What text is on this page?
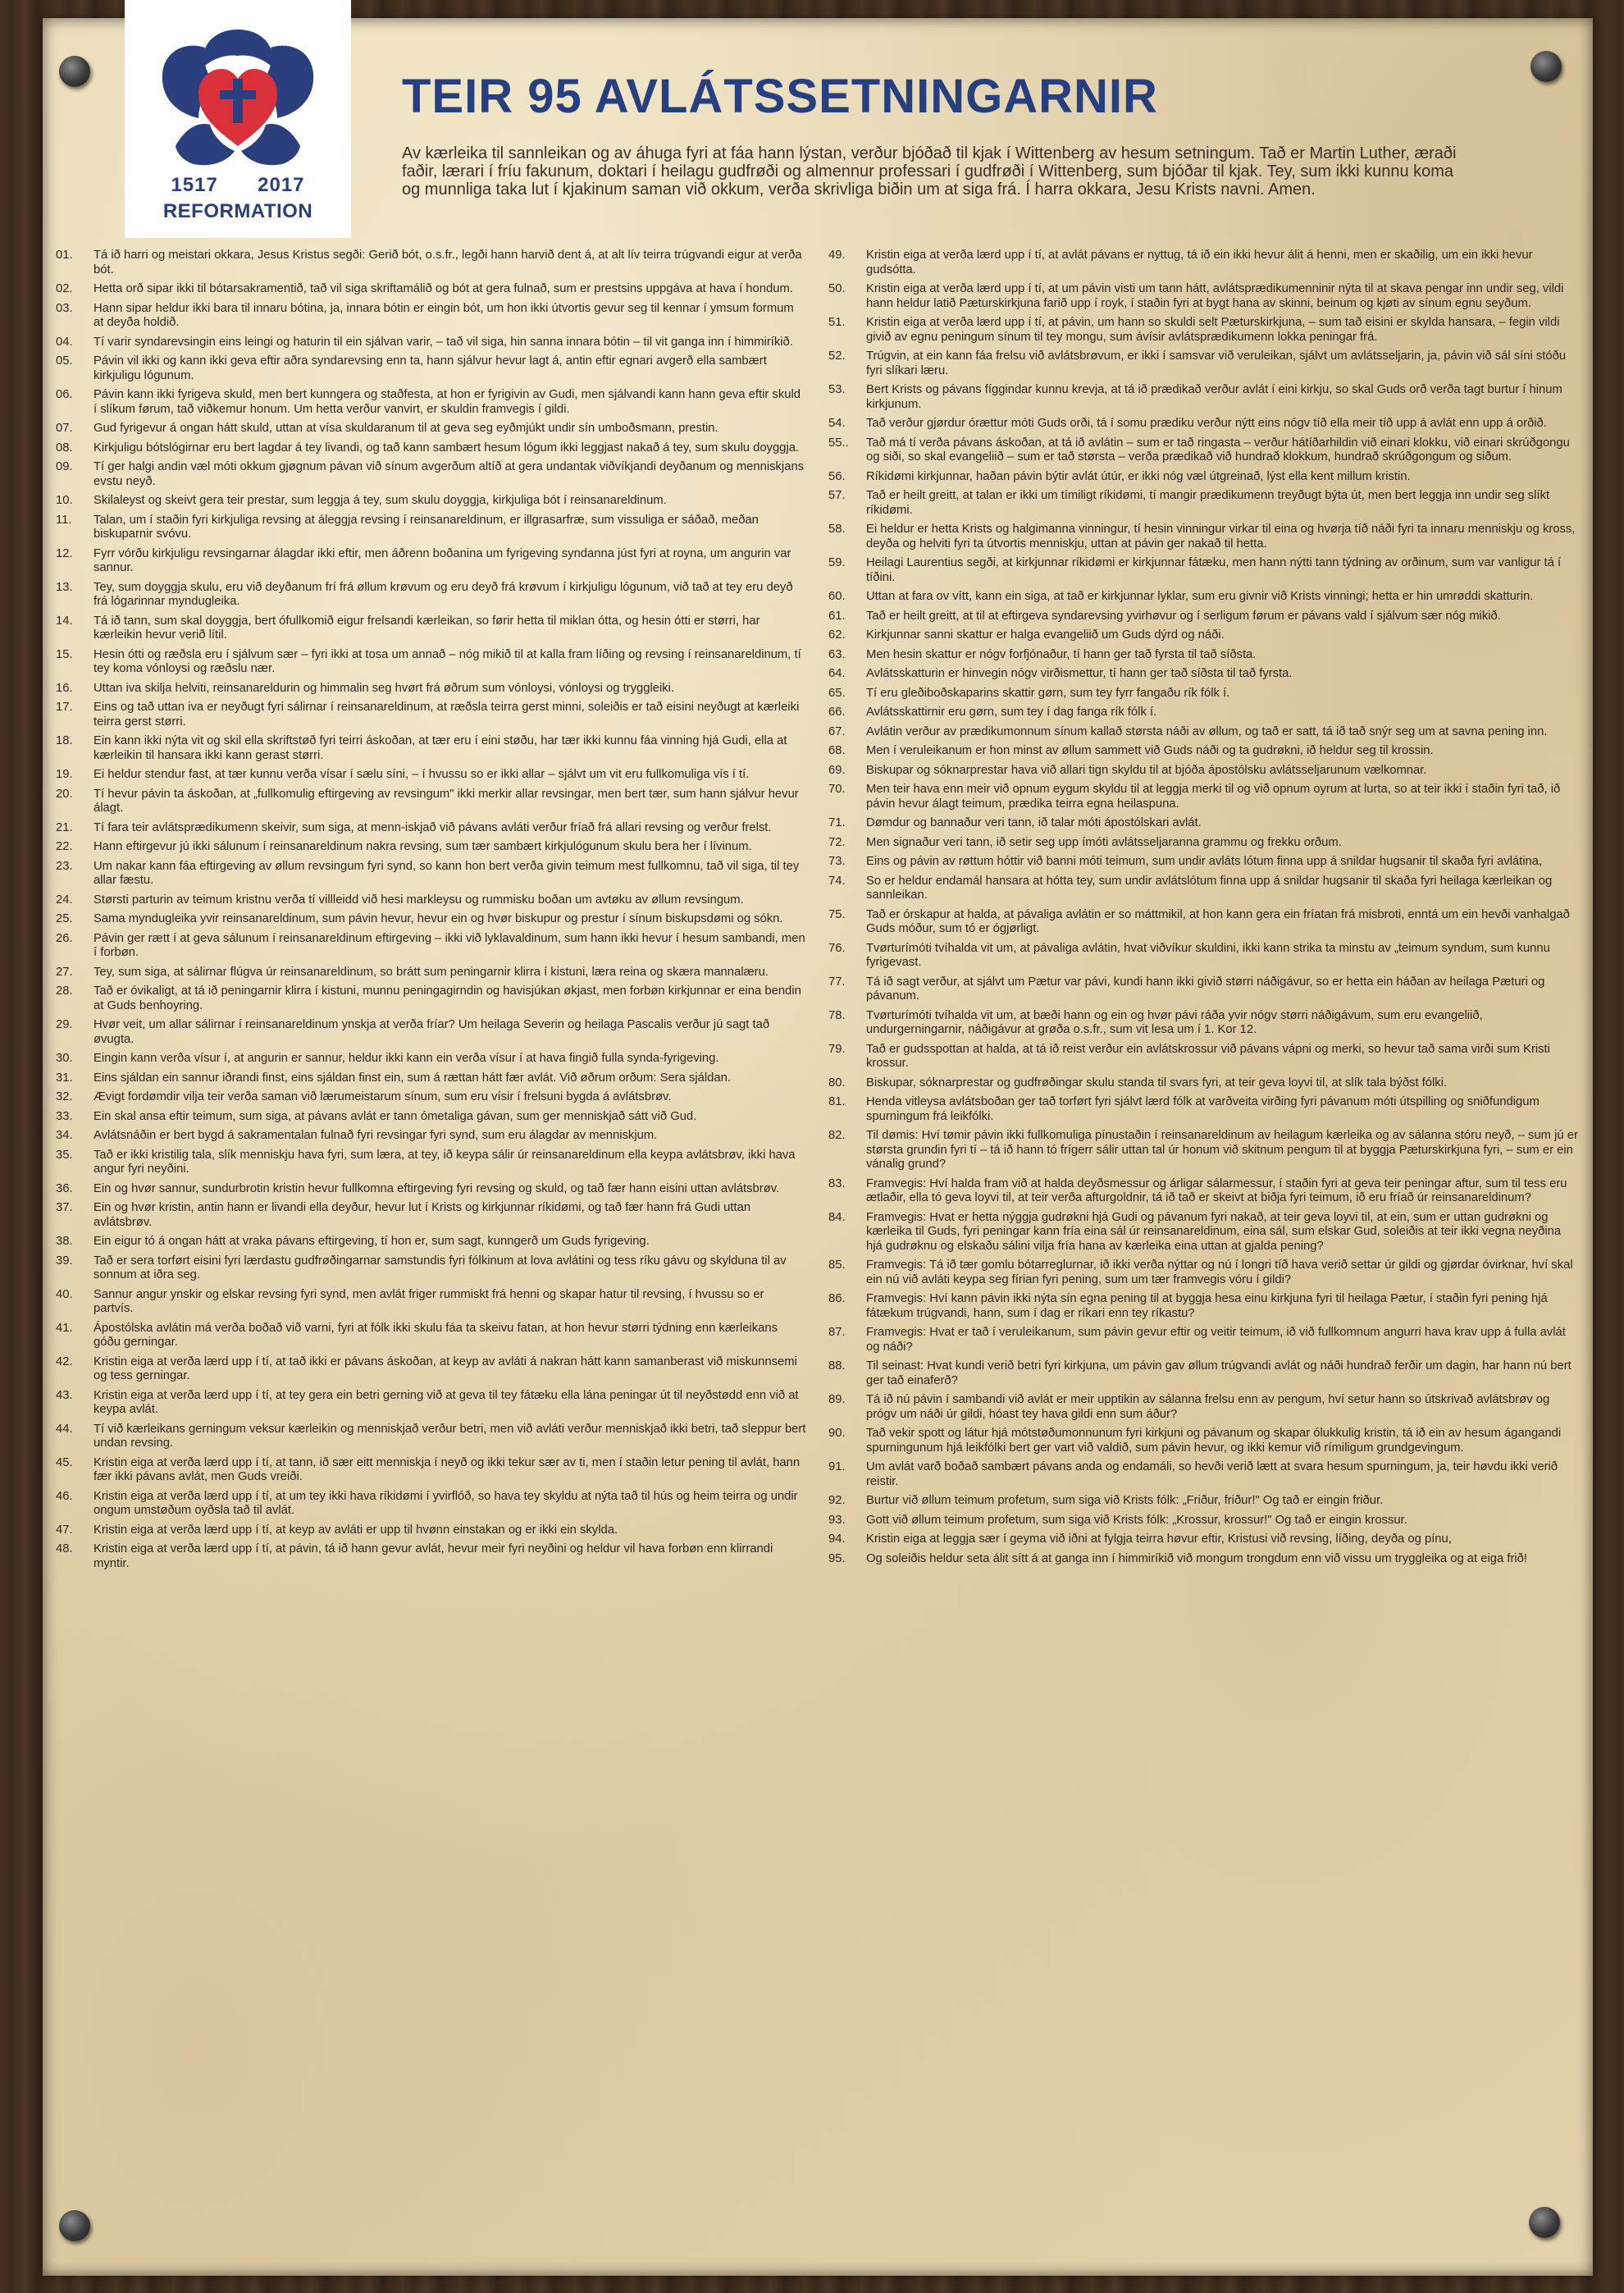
1517 2017
REFORMATION
TEIR 95 AVLÁTSSETNINGARNIR

Av kærleika til sannleikan og av áhuga fyri at fáa hann lýstan, verður bjóðað til kjak í Wittenberg av hesum setningum. Tað er Martin Luther, æraði faðir, lærari í fríu fakunum, doktari í heilagu gudfrøði og almennur professari í gudfrøði í Wittenberg, sum bjóðar til kjak. Tey, sum ikki kunnu koma og munnliga taka lut í kjakinum saman við okkum, verða skrivliga biðin um at siga frá. Í harra okkara, Jesu Krists navni. Amen.

01.	Tá ið harri og meistari okkara, Jesus Kristus segði: Gerið bót, o.s.fr., legði hann harvið dent á, at alt lív teirra trúgvandi eigur at verða bót.
02.	Hetta orð sipar ikki til bótarsakramentið, tað vil siga skriftamálið og bót at gera fulnað, sum er prestsins uppgáva at hava í hondum.
03.	Hann sipar heldur ikki bara til innaru bótina, ja, innara bótin er eingin bót, um hon ikki útvortis gevur seg til kennar í ymsum formum at deyða holdið.
04.	Tí varir syndarevsingin eins leingi og haturin til ein sjálvan varir, – tað vil siga, hin sanna innara bótin – til vit ganga inn í himmiríkið.
05.	Pávin vil ikki og kann ikki geva eftir aðra syndarevsing enn ta, hann sjálvur hevur lagt á, antin eftir egnari avgerð ella sambært kirkjuligu lógunum.
06.	Pávin kann ikki fyrigeva skuld, men bert kunngera og staðfesta, at hon er fyrigivin av Gudi, men sjálvandi kann hann geva eftir skuld í slíkum førum, tað viðkemur honum. Um hetta verður vanvirt, er skuldin framvegis í gildi.
07.	Gud fyrigevur á ongan hátt skuld, uttan at vísa skuldaranum til at geva seg eyðmjúkt undir sín umboðsmann, prestin.
08.	Kirkjuligu bótslógirnar eru bert lagdar á tey livandi, og tað kann sambært hesum lógum ikki leggjast nakað á tey, sum skulu doyggja.
09.	Tí ger halgi andin væl móti okkum gjøgnum pávan við sínum avgerðum altíð at gera undantak viðvíkjandi deyðanum og menniskjans evstu neyð.
10.	Skilaleyst og skeivt gera teir prestar, sum leggja á tey, sum skulu doyggja, kirkjuliga bót í reinsanareldinum.
11.	Talan, um í staðin fyri kirkjuliga revsing at áleggja revsing í reinsanareldinum, er illgrasarfræ, sum vissuliga er sáðað, meðan biskuparnir svóvu.
12.	Fyrr vórðu kirkjuligu revsingarnar álagdar ikki eftir, men áðrenn boðanina um fyrigeving syndanna júst fyri at royna, um angurin var sannur.
13.	Tey, sum doyggja skulu, eru við deyðanum frí frá øllum krøvum og eru deyð frá krøvum í kirkjuligu lógunum, við tað at tey eru deyð frá lógarinnar myndugleika.
14.	Tá ið tann, sum skal doyggja, bert ófullkomið eigur frelsandi kærleikan, so førir hetta til miklan ótta, og hesin ótti er størri, har kærleikin hevur verið lítil.
15.	Hesin ótti og ræðsla eru í sjálvum sær – fyri ikki at tosa um annað – nóg mikið til at kalla fram líðing og revsing í reinsanareldinum, tí tey koma vónloysi og ræðslu nær.
16.	Uttan iva skilja helviti, reinsanareldurin og himmalin seg hvørt frá øðrum sum vónloysi, vónloysi og tryggleiki.
17.	Eins og tað uttan iva er neyðugt fyri sálirnar í reinsanareldinum, at ræðsla teirra gerst minni, soleiðis er tað eisini neyðugt at kærleiki teirra gerst størri.
18.	Ein kann ikki nýta vit og skil ella skriftstøð fyri teirri áskoðan, at tær eru í eini støðu, har tær ikki kunnu fáa vinning hjá Gudi, ella at kærleikin til hansara ikki kann gerast størri.
19.	Ei heldur stendur fast, at tær kunnu verða vísar í sælu síni, – í hvussu so er ikki allar – sjálvt um vit eru fullkomuliga vís í tí.
20.	Tí hevur pávin ta áskoðan, at „fullkomulig eftirgeving av revsingum" ikki merkir allar revsingar, men bert tær, sum hann sjálvur hevur álagt.
21.	Tí fara teir avlátsprædikumenn skeivir, sum siga, at menn-iskjað við pávans avláti verður fríað frá allari revsing og verður frelst.
22.	Hann eftirgevur jú ikki sálunum í reinsanareldinum nakra revsing, sum tær sambært kirkjulógunum skulu bera her í lívinum.
23.	Um nakar kann fáa eftirgeving av øllum revsingum fyri synd, so kann hon bert verða givin teimum mest fullkomnu, tað vil siga, til tey allar fæstu.
24.	Størsti parturin av teimum kristnu verða tí villleidd við hesi markleysu og rummisku boðan um avtøku av øllum revsingum.
25.	Sama myndugleika yvir reinsanareldinum, sum pávin hevur, hevur ein og hvør biskupur og prestur í sínum biskupsdømi og sókn.
26.	Pávin ger rætt í at geva sálunum í reinsanareldinum eftirgeving – ikki við lyklavaldinum, sum hann ikki hevur í hesum sambandi, men í forbøn.
27.	Tey, sum siga, at sálirnar flúgva úr reinsanareldinum, so brátt sum peningarnir klirra í kistuni, læra reina og skæra mannalæru.
28.	Tað er óvikaligt, at tá ið peningarnir klirra í kistuni, munnu peningagirndin og havisjúkan økjast, men forbøn kirkjunnar er eina bendin at Guds benhoyring.
29.	Hvør veit, um allar sálirnar í reinsanareldinum ynskja at verða fríar? Um heilaga Severin og heilaga Pascalis verður jú sagt tað øvugta.
30.	Eingin kann verða vísur í, at angurin er sannur, heldur ikki kann ein verða vísur í at hava fingið fulla synda-fyrigeving.
31.	Eins sjáldan ein sannur iðrandi finst, eins sjáldan finst ein, sum á rættan hátt fær avlát. Við øðrum orðum: Sera sjáldan.
32.	Ævigt fordømdir vilja teir verða saman við lærumeistarum sínum, sum eru vísir í frelsuni bygda á avlátsbrøv.
33.	Ein skal ansa eftir teimum, sum siga, at pávans avlát er tann ómetaliga gávan, sum ger menniskjað sátt við Gud.
34.	Avlátsnáðin er bert bygd á sakramentalan fulnað fyri revsingar fyri synd, sum eru álagdar av menniskjum.
35.	Tað er ikki kristilig tala, slík menniskju hava fyri, sum læra, at tey, ið keypa sálir úr reinsanareldinum ella keypa avlátsbrøv, ikki hava angur fyri neyðini.
36.	Ein og hvør sannur, sundurbrotin kristin hevur fullkomna eftirgeving fyri revsing og skuld, og tað fær hann eisini uttan avlátsbrøv.
37.	Ein og hvør kristin, antin hann er livandi ella deyður, hevur lut í Krists og kirkjunnar ríkidømi, og tað fær hann frá Gudi uttan avlátsbrøv.
38.	Ein eigur tó á ongan hátt at vraka pávans eftirgeving, tí hon er, sum sagt, kunngerð um Guds fyrigeving.
39.	Tað er sera torført eisini fyri lærdastu gudfrøðingarnar samstundis fyri fólkinum at lova avlátini og tess ríku gávu og skylduna til av sonnum at iðra seg.
40.	Sannur angur ynskir og elskar revsing fyri synd, men avlát friger rummiskt frá henni og skapar hatur til revsing, í hvussu so er partvís.
41.	Ápostólska avlátin má verða boðað við varni, fyri at fólk ikki skulu fáa ta skeivu fatan, at hon hevur størri týdning enn kærleikans góðu gerningar.
42.	Kristin eiga at verða lærd upp í tí, at tað ikki er pávans áskoðan, at keyp av avláti á nakran hátt kann samanberast við miskunnsemi og tess gerningar.
43.	Kristin eiga at verða lærd upp í tí, at tey gera ein betri gerning við at geva til tey fátæku ella lána peningar út til neyðstødd enn við at keypa avlát.
44.	Tí við kærleikans gerningum veksur kærleikin og menniskjað verður betri, men við avláti verður menniskjað ikki betri, tað sleppur bert undan revsing.
45.	Kristin eiga at verða lærd upp í tí, at tann, ið sær eitt menniskja í neyð og ikki tekur sær av ti, men í staðin letur pening til avlát, hann fær ikki pávans avlát, men Guds vreiði.
46.	Kristin eiga at verða lærd upp í tí, at um tey ikki hava ríkidømi í yvirflóð, so hava tey skyldu at nýta tað til hús og heim teirra og undir ongum umstøðum oyðsla tað til avlát.
47.	Kristin eiga at verða lærd upp í tí, at keyp av avláti er upp til hvønn einstakan og er ikki ein skylda.
48.	Kristin eiga at verða lærd upp í tí, at pávin, tá ið hann gevur avlát, hevur meir fyri neyðini og heldur vil hava forbøn enn klirrandi myntir.
49.	Kristin eiga at verða lærd upp í tí, at avlát pávans er nyttug, tá ið ein ikki hevur álit á henni, men er skaðilig, um ein ikki hevur gudsótta.
50.	Kristin eiga at verða lærd upp í tí, at um pávin visti um tann hátt, avlátsprædikumenninir nýta til at skava pengar inn undir seg, vildi hann heldur latið Pæturskirkjuna farið upp í royk, í staðin fyri at bygt hana av skinni, beinum og kjøti av sínum egnu seyðum.
51.	Kristin eiga at verða lærd upp í tí, at pávin, um hann so skuldi selt Pæturskirkjuna, – sum tað eisini er skylda hansara, – fegin vildi givið av egnu peningum sínum til tey mongu, sum ávísir avlátsprædikumenn lokka peningar frá.
52.	Trúgvin, at ein kann fáa frelsu við avlátsbrøvum, er ikki í samsvar við veruleikan, sjálvt um avlátsseljarin, ja, pávin við sál síni stóðu fyri slíkari læru.
53.	Bert Krists og pávans fíggindar kunnu krevja, at tá ið prædikað verður avlát í eini kirkju, so skal Guds orð verða tagt burtur í hinum kirkjunum.
54.	Tað verður gjørdur órættur móti Guds orði, tá í somu prædiku verður nýtt eins nógv tíð ella meir tíð upp á avlát enn upp á orðið.
55..	Tað má tí verða pávans áskoðan, at tá ið avlátin – sum er tað ringasta – verður hátíðarhildin við einari klokku, við einari skrúðgongu og siði, so skal evangeliið – sum er tað størsta – verða prædikað við hundrað klokkum, hundrað skrúðgongum og siðum.
56.	Ríkidømi kirkjunnar, haðan pávin býtir avlát útúr, er ikki nóg væl útgreinað, lýst ella kent millum kristin.
57.	Tað er heilt greitt, at talan er ikki um tímiligt ríkidømi, tí mangir prædikumenn treyðugt býta út, men bert leggja inn undir seg slíkt ríkidømi.
58.	Ei heldur er hetta Krists og halgimanna vinningur, tí hesin vinningur virkar til eina og hvørja tíð náði fyri ta innaru menniskju og kross, deyða og helviti fyri ta útvortis menniskju, uttan at pávin ger nakað til hetta.
59.	Heilagi Laurentius segði, at kirkjunnar ríkidømi er kirkjunnar fátæku, men hann nýtti tann týdning av orðinum, sum var vanligur tá í tíðini.
60.	Uttan at fara ov vítt, kann ein siga, at tað er kirkjunnar lyklar, sum eru givnir við Krists vinningi; hetta er hin umrøddi skatturin.
61.	Tað er heilt greitt, at til at eftirgeva syndarevsing yvirhøvur og í serligum førum er pávans vald í sjálvum sær nóg mikið.
62.	Kirkjunnar sanni skattur er halga evangeliið um Guds dýrd og náði.
63.	Men hesin skattur er nógv forfjónaður, tí hann ger tað fyrsta til tað síðsta.
64.	Avlátsskatturin er hinvegin nógv virðismettur, tí hann ger tað síðsta til tað fyrsta.
65.	Tí eru gleðiboðskaparins skattir gørn, sum tey fyrr fangaðu rík fólk í.
66.	Avlátsskattirnir eru gørn, sum tey í dag fanga rík fólk í.
67.	Avlátin verður av prædikumonnum sínum kallað størsta náði av øllum, og tað er satt, tá ið tað snýr seg um at savna pening inn.
68.	Men í veruleikanum er hon minst av øllum sammett við Guds náði og ta gudrøkni, ið heldur seg til krossin.
69.	Biskupar og sóknarprestar hava við allari tign skyldu til at bjóða ápostólsku avlátsseljarunum vælkomnar.
70.	Men teir hava enn meir við opnum eygum skyldu til at leggja merki til og við opnum oyrum at lurta, so at teir ikki í staðin fyri tað, ið pávin hevur álagt teimum, prædika teirra egna heilaspuna.
71.	Dømdur og bannaður veri tann, ið talar móti ápostólskari avlát.
72.	Men signaður veri tann, ið setir seg upp ímóti avlátsseljaranna grammu og frekku orðum.
73.	Eins og pávin av røttum hóttir við banni móti teimum, sum undir avláts lótum finna upp á snildar hugsanir til skaða fyri avlátina,
74.	So er heldur endamál hansara at hótta tey, sum undir avlátslótum finna upp á snildar hugsanir til skaða fyri heilaga kærleikan og sannleikan.
75.	Tað er órskapur at halda, at pávaliga avlátin er so máttmikil, at hon kann gera ein fríatan frá misbroti, enntá um ein hevði vanhalgað Guds móður, sum tó er ógjørligt.
76.	Tvørturímóti tvíhalda vit um, at pávaliga avlátin, hvat viðvíkur skuldini, ikki kann strika ta minstu av „teimum syndum, sum kunnu fyrigevast.
77.	Tá ið sagt verður, at sjálvt um Pætur var pávi, kundi hann ikki givið størri náðigávur, so er hetta ein háðan av heilaga Pæturi og pávanum.
78.	Tvørturímóti tvíhalda vit um, at bæði hann og ein og hvør pávi ráða yvir nógv størri náðigávum, sum eru evangeliið, undurgerningarnir, náðigávur at grøða o.s.fr., sum vit lesa um í 1. Kor 12.
79.	Tað er gudsspottan at halda, at tá ið reist verður ein avlátskrossur við pávans vápni og merki, so hevur tað sama virði sum Kristi krossur.
80.	Biskupar, sóknarprestar og gudfrøðingar skulu standa til svars fyri, at teir geva loyvi til, at slík tala býðst fólki.
81.	Henda vitleysa avlátsboðan ger tað torført fyri sjálvt lærd fólk at varðveita virðing fyri pávanum móti útspilling og sniðfundigum spurningum frá leikfólki.
82.	Til dømis: Hví tømir pávin ikki fullkomuliga pínustaðin í reinsanareldinum av heilagum kærleika og av sálanna stóru neyð, – sum jú er størsta grundin fyri tí – tá ið hann tó frígerr sálir uttan tal úr honum við skitnum pengum til at byggja Pæturskirkjuna fyri, – sum er ein vánalig grund?
83.	Framvegis: Hví halda fram við at halda deyðsmessur og árligar sálarmessur, í staðin fyri at geva teir peningar aftur, sum til tess eru ætlaðir, ella tó geva loyvi til, at teir verða afturgoldnir, tá ið tað er skeivt at biðja fyri teimum, ið eru fríað úr reinsanareldinum?
84.	Framvegis: Hvat er hetta nýggja gudrøkni hjá Gudi og pávanum fyri nakað, at teir geva loyvi til, at ein, sum er uttan gudrøkni og kærleika til Guds, fyri peningar kann fría eina sál úr reinsanareldinum, eina sál, sum elskar Gud, soleiðis at teir ikki vegna neyðina hjá gudrøknu og elskaðu sálini vilja fría hana av kærleika eina uttan at gjalda pening?
85.	Framvegis: Tá ið tær gomlu bótarreglurnar, ið ikki verða nýttar og nú í longri tíð hava verið settar úr gildi og gjørdar óvirknar, hví skal ein nú við avláti keypa seg fírian fyri pening, sum um tær framvegis vóru í gildi?
86.	Framvegis: Hví kann pávin ikki nýta sín egna pening til at byggja hesa einu kirkjuna fyri til heilaga Pætur, í staðin fyri pening hjá fátækum trúgvandi, hann, sum í dag er ríkari enn tey ríkastu?
87.	Framvegis: Hvat er tað í veruleikanum, sum pávin gevur eftir og veitir teimum, ið við fullkomnum angurri hava krav upp á fulla avlát og náði?
88.	Til seinast: Hvat kundi verið betri fyri kirkjuna, um pávin gav øllum trúgvandi avlát og náði hundrað ferðir um dagin, har hann nú bert ger tað einaferð?
89.	Tá ið nú pávin í sambandi við avlát er meir upptikin av sálanna frelsu enn av pengum, hví setur hann so útskrivað avlátsbrøv og prógv um náði úr gildi, hóast tey hava gildi enn sum áður?
90.	Tað vekir spott og látur hjá mótstøðumonnunum fyri kirkjuni og pávanum og skapar ólukkulig kristin, tá ið ein av hesum ágangandi spurningunum hjá leikfólki bert ger vart við valdið, sum pávin hevur, og ikki kemur við rímiligum grundgevingum.
91.	Um avlát varð boðað sambært pávans anda og endamáli, so hevði verið lætt at svara hesum spurningum, ja, teir høvdu ikki verið reistir.
92.	Burtur við øllum teimum profetum, sum siga við Krists fólk: „Friður, friður!" Og tað er eingin friður.
93.	Gott við øllum teimum profetum, sum siga við Krists fólk: „Krossur, krossur!" Og tað er eingin krossur.
94.	Kristin eiga at leggja sær í geyma við iðni at fylgja teirra høvur eftir, Kristusi við revsing, líðing, deyða og pínu,
95.	Og soleiðis heldur seta álit sítt á at ganga inn í himmiríkið við mongum trongdum enn við vissu um tryggleika og at eiga frið!
